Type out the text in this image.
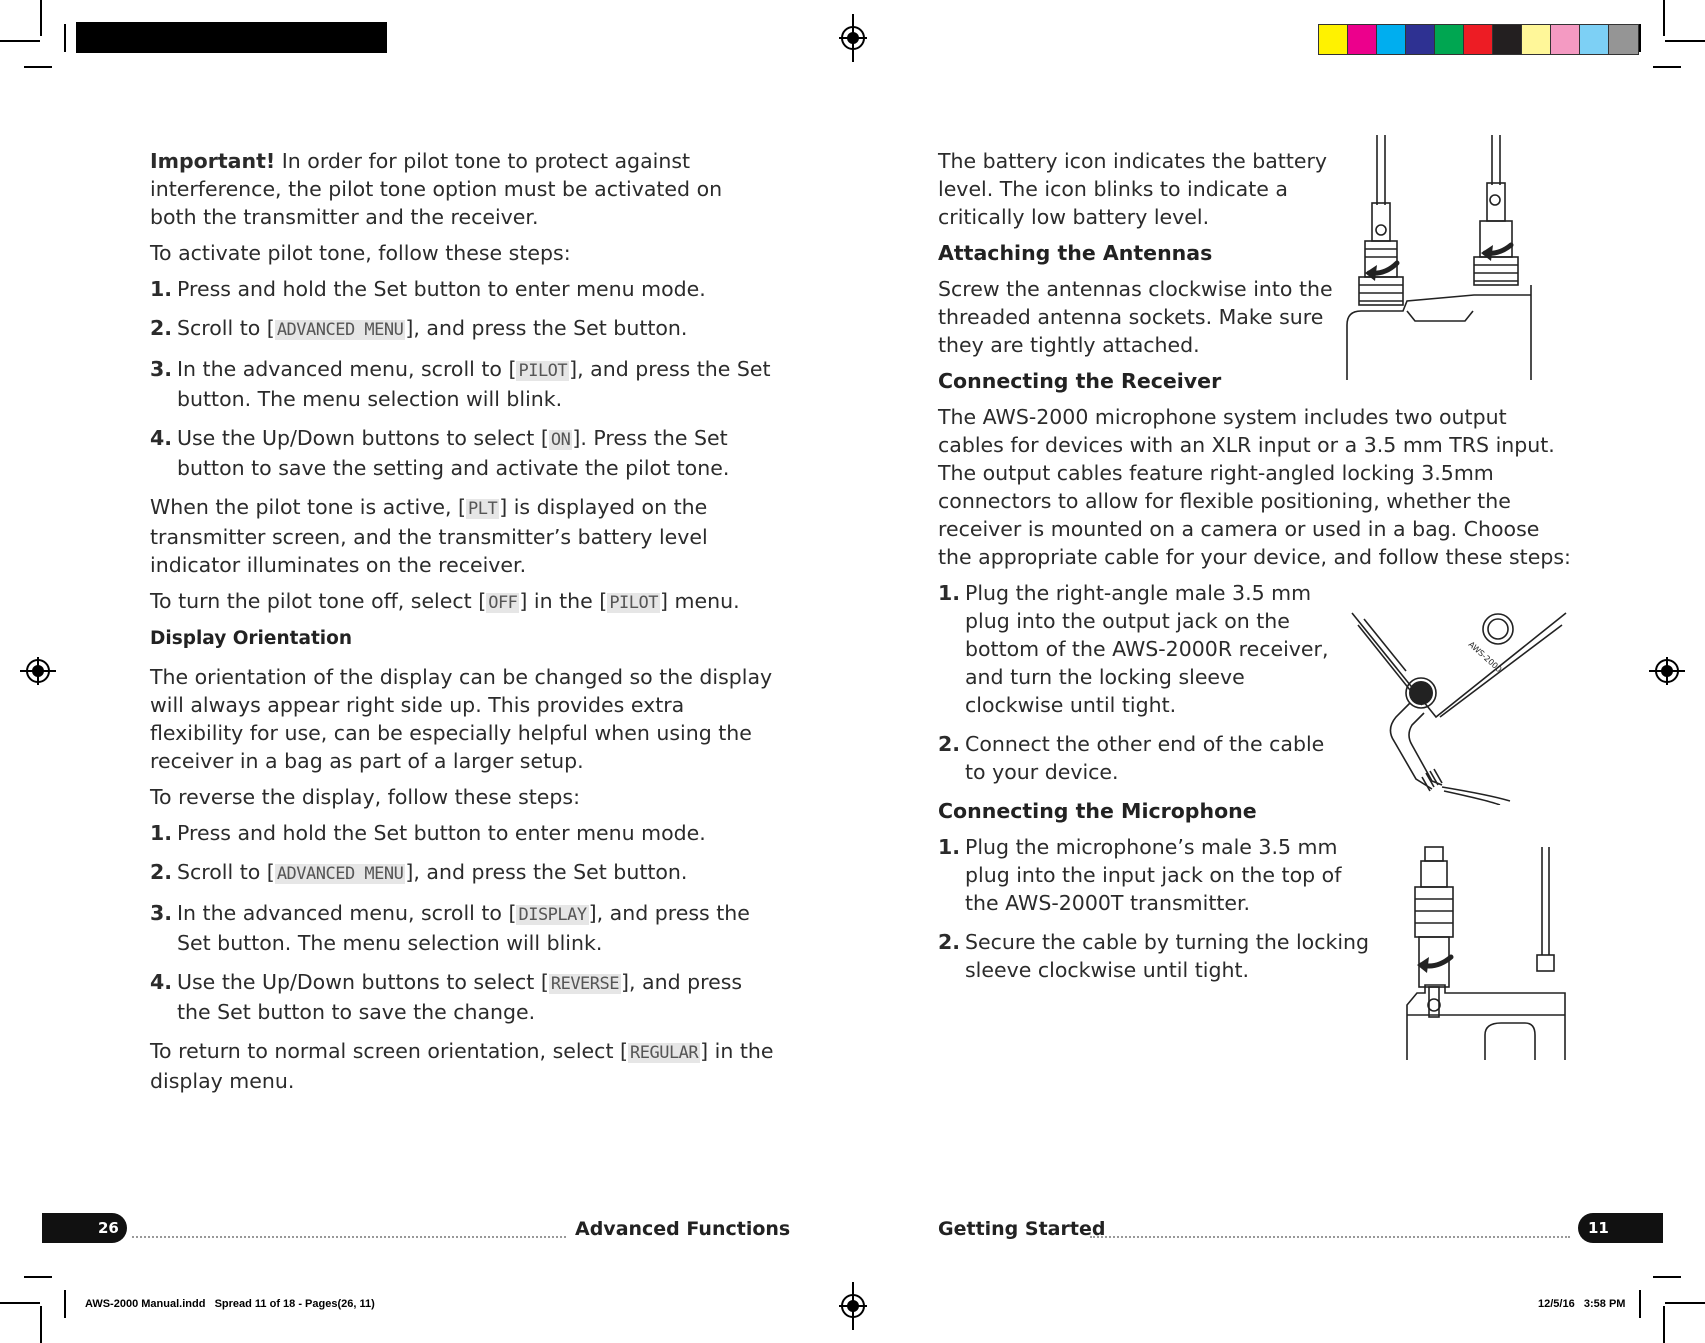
Important! In order for pilot tone to protect against interference, the pilot tone option must be activated on both the transmitter and the receiver.

To activate pilot tone, follow these steps:

1. Press and hold the Set button to enter menu mode.
2. Scroll to [ ADVANCED MENU], and press the Set button.
3. In the advanced menu, scroll to [ PILOT], and press the Set button. The menu selection will blink.
4. Use the Up/Down buttons to select [ ON]. Press the Set button to save the setting and activate the pilot tone.

When the pilot tone is active, [ PLT] is displayed on the transmitter screen, and the transmitter’s battery level indicator illuminates on the receiver.

To turn the pilot tone off, select [ OFF] in the [ PILOT] menu.

Display Orientation

The orientation of the display can be changed so the display will always appear right side up. This provides extra flexibility for use, can be especially helpful when using the receiver in a bag as part of a larger setup.

To reverse the display, follow these steps:

1. Press and hold the Set button to enter menu mode.
2. Scroll to [ ADVANCED MENU], and press the Set button.
3. In the advanced menu, scroll to [ DISPLAY], and press the Set button. The menu selection will blink.
4. Use the Up/Down buttons to select [ REVERSE], and press the Set button to save the change.

To return to normal screen orientation, select [ REGULAR] in the display menu.

26	Advanced Functions

The battery icon indicates the battery level. The icon blinks to indicate a critically low battery level.

Attaching the Antennas

Screw the antennas clockwise into the threaded antenna sockets. Make sure they are tightly attached.

Connecting the Receiver

The AWS-2000 microphone system includes two output cables for devices with an XLR input or a 3.5 mm TRS input. The output cables feature right-angled locking 3.5mm connectors to allow for flexible positioning, whether the receiver is mounted on a camera or used in a bag. Choose the appropriate cable for your device, and follow these steps:

1. Plug the right-angle male 3.5 mm plug into the output jack on the bottom of the AWS-2000R receiver, and turn the locking sleeve clockwise until tight.
2. Connect the other end of the cable to your device.
Connecting the Microphone
1. Plug the microphone’s male 3.5 mm plug into the input jack on the top of the AWS-2000T transmitter.
2. Secure the cable by turning the locking sleeve clockwise until tight.
AWS-2000
Getting Started	11
AWS-2000 Manual.indd   Spread 11 of 18 - Pages(26, 11)	12/5/16   3:58 PM
